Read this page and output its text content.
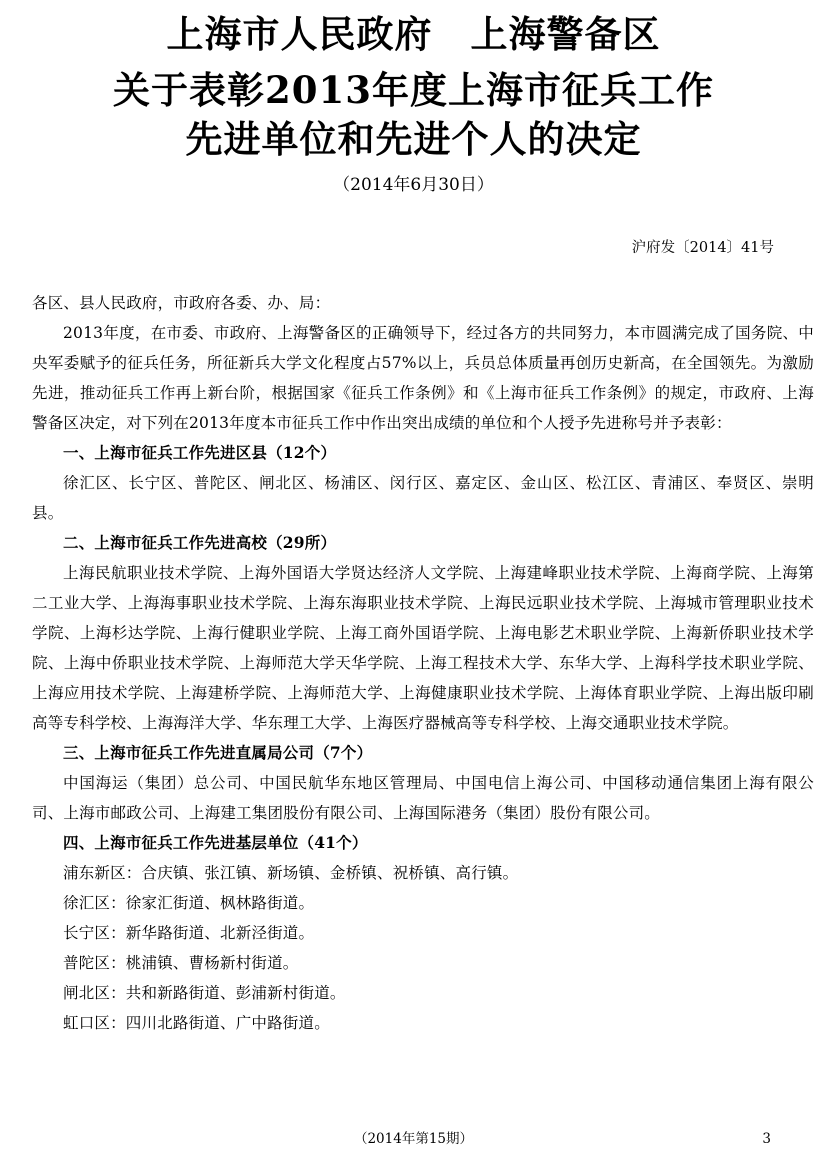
上海市人民政府　上海警备区
关于表彰2013年度上海市征兵工作
先进单位和先进个人的决定
（2014年6月30日）
沪府发〔2014〕41号

各区、县人民政府，市政府各委、办、局：

2013年度，在市委、市政府、上海警备区的正确领导下，经过各方的共同努力，本市圆满完成了国务院、中央军委赋予的征兵任务，所征新兵大学文化程度占57%以上，兵员总体质量再创历史新高，在全国领先。为激励先进，推动征兵工作再上新台阶，根据国家《征兵工作条例》和《上海市征兵工作条例》的规定，市政府、上海警备区决定，对下列在2013年度本市征兵工作中作出突出成绩的单位和个人授予先进称号并予表彰：

一、上海市征兵工作先进区县（12个）

徐汇区、长宁区、普陀区、闸北区、杨浦区、闵行区、嘉定区、金山区、松江区、青浦区、奉贤区、崇明县。

二、上海市征兵工作先进高校（29所）

上海民航职业技术学院、上海外国语大学贤达经济人文学院、上海建峰职业技术学院、上海商学院、上海第二工业大学、上海海事职业技术学院、上海东海职业技术学院、上海民远职业技术学院、上海城市管理职业技术学院、上海杉达学院、上海行健职业学院、上海工商外国语学院、上海电影艺术职业学院、上海新侨职业技术学院、上海中侨职业技术学院、上海师范大学天华学院、上海工程技术大学、东华大学、上海科学技术职业学院、上海应用技术学院、上海建桥学院、上海师范大学、上海健康职业技术学院、上海体育职业学院、上海出版印刷高等专科学校、上海海洋大学、华东理工大学、上海医疗器械高等专科学校、上海交通职业技术学院。

三、上海市征兵工作先进直属局公司（7个）

中国海运（集团）总公司、中国民航华东地区管理局、中国电信上海公司、中国移动通信集团上海有限公司、上海市邮政公司、上海建工集团股份有限公司、上海国际港务（集团）股份有限公司。

四、上海市征兵工作先进基层单位（41个）

浦东新区：合庆镇、张江镇、新场镇、金桥镇、祝桥镇、高行镇。

徐汇区：徐家汇街道、枫林路街道。

长宁区：新华路街道、北新泾街道。

普陀区：桃浦镇、曹杨新村街道。

闸北区：共和新路街道、彭浦新村街道。

虹口区：四川北路街道、广中路街道。

（2014年第15期）	3
